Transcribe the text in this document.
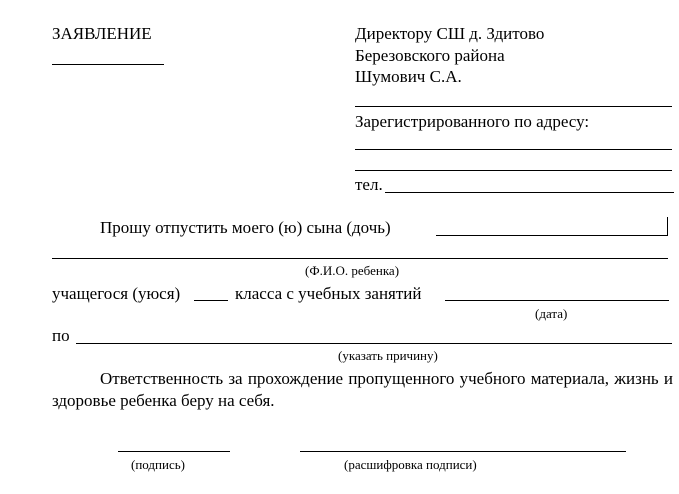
ЗАЯВЛЕНИЕ	Директору СШ д. Здитово
Березовского района
Шумович С.А.
Зарегистрированного по адресу:
тел.
Прошу отпустить моего (ю) сына (дочь)
(Ф.И.О. ребенка)
учащегося (уюся)	класса с учебных занятий
(дата)
по
(указать причину)
Ответственность за прохождение пропущенного учебного материала, жизнь и здоровье ребенка беру на себя.
(подпись)	(расшифровка подписи)
